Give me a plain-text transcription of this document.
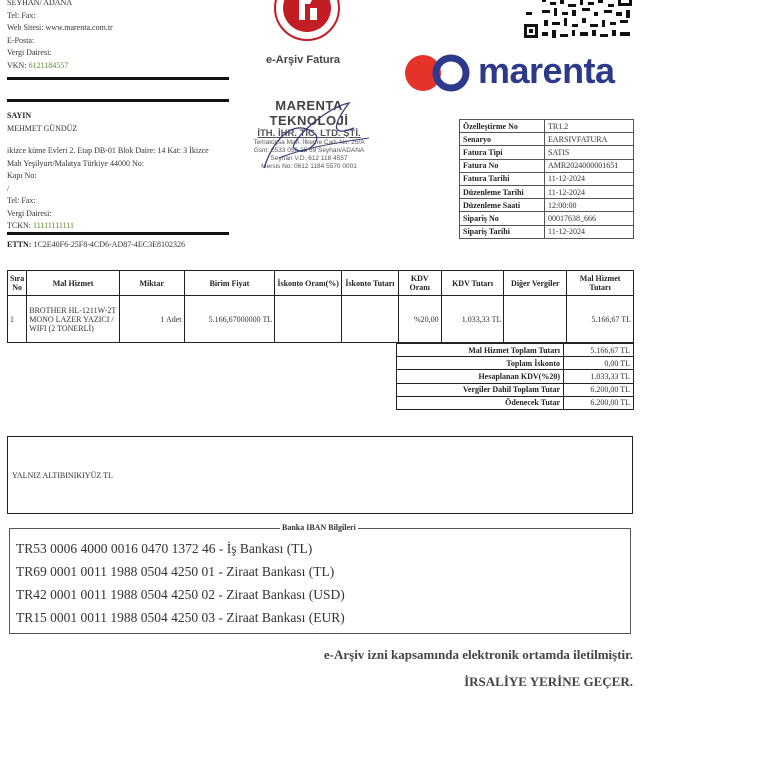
SEYHAN/ ADANA
Tel: Fax:
Web Sitesi: www.marenta.com.tr
E-Posta:
Vergi Dairesi:
VKN: 6121184557	e-Arşiv Fatura	marenta
MARENTA TEKNOLOJİ
İTH. İHR. TİC. LTD. ŞTİ.
Tematoşsa Mah. İlkeme Cad. No: 25/A
Gsm: 0533 056 25 69 Seyhan/ADANA
Seyhan V.D. 612 118 4557
Mersis No: 0612 1184 5570 0001
SAYIN
MEHMET GÜNDÜZ
ikizce küme Evleri 2. Etap DB-01 Blok Daire: 14 Kat: 3 İkizce
Mah Yeşilyurt/Malatya Türkiye 44000 No:
Kapı No:
/
Tel: Fax:
Vergi Dairesi:
TCKN: 11111111111
ETTN: 1C2E40F6-25F8-4CD6-AD87-4EC3E8102326
Özelleştirme No	TR1.2
Senaryo	EARSIVFATURA
Fatura Tipi	SATIS
Fatura No	AMR2024000001651
Fatura Tarihi	11-12-2024
Düzenleme Tarihi	11-12-2024
Düzenleme Saati	12:00:00
Sipariş No	00017638_666
Sipariş Tarihi	11-12-2024
Sıra No	Mal Hizmet	Miktar	Birim Fiyat	İskonto Oranı(%)	İskonto Tutarı	KDV Oranı	KDV Tutarı	Diğer Vergiler	Mal Hizmet Tutarı
1	BROTHER HL-1211W-2T MONO LAZER YAZICI / WIFI (2 TONERLİ)	1 Adet	5.166,67000000 TL			%20,00	1.033,33 TL		5.166,67 TL
Mal Hizmet Toplam Tutarı	5.166,67 TL
Toplam İskonto	0,00 TL
Hesaplanan KDV(%20)	1.033,33 TL
Vergiler Dahil Toplam Tutar	6.200,00 TL
Ödenecek Tutar	6.200,00 TL
YALNIZ ALTIBINIKIYÜZ TL
Banka IBAN Bilgileri
TR53 0006 4000 0016 0470 1372 46 - İş Bankası (TL)
TR69 0001 0011 1988 0504 4250 01 - Ziraat Bankası (TL)
TR42 0001 0011 1988 0504 4250 02 - Ziraat Bankası (USD)
TR15 0001 0011 1988 0504 4250 03 - Ziraat Bankası (EUR)
e-Arşiv izni kapsamında elektronik ortamda iletilmiştir.
İRSALİYE YERİNE GEÇER.
